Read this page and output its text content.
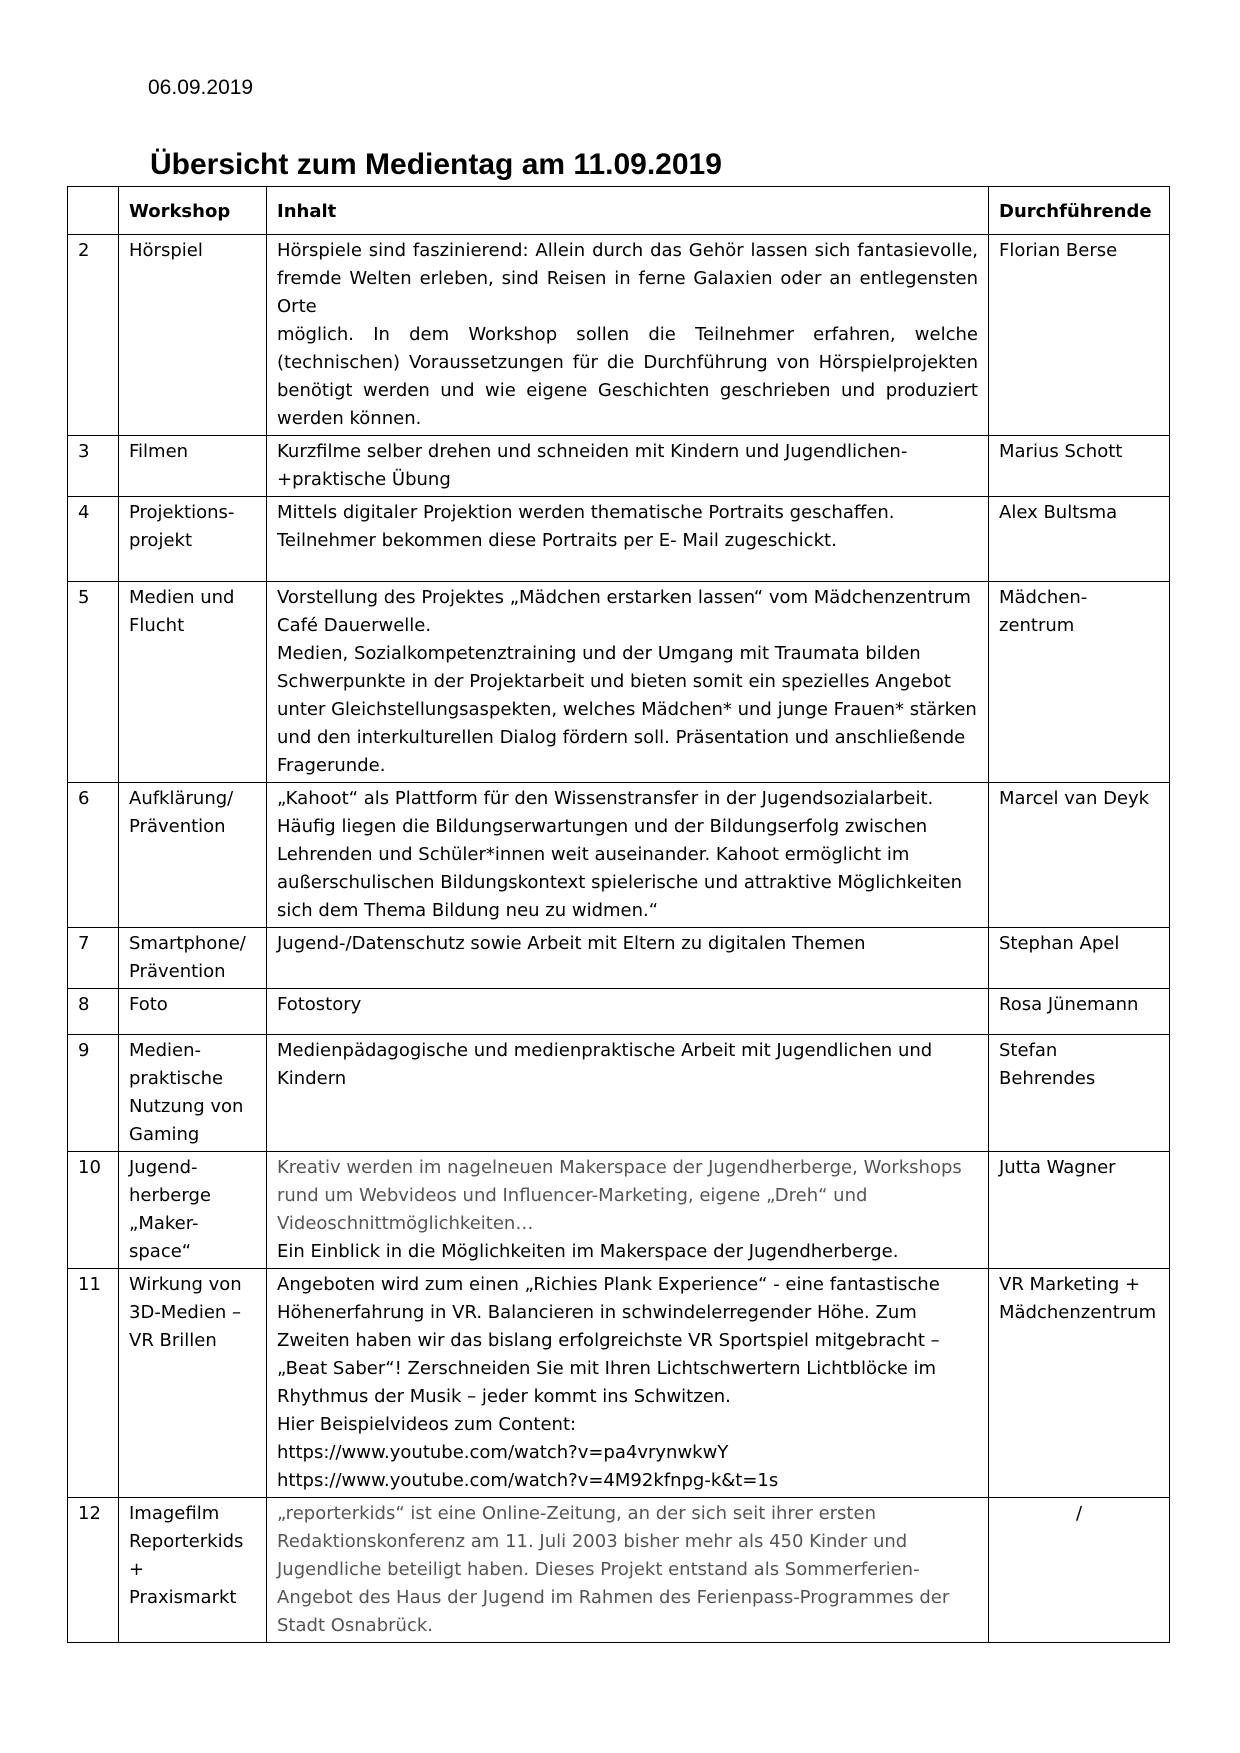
06.09.2019
Übersicht zum Medientag am 11.09.2019
	Workshop	Inhalt	Durchführende
2	Hörspiel	Hörspiele sind faszinierend: Allein durch das Gehör lassen sich fantasievolle, fremde Welten erleben, sind Reisen in ferne Galaxien oder an entlegensten Orte
möglich. In dem Workshop sollen die Teilnehmer erfahren, welche (technischen) Voraussetzungen für die Durchführung von Hörspielprojekten benötigt werden und wie eigene Geschichten geschrieben und produziert werden können.	Florian Berse
3	Filmen	Kurzfilme selber drehen und schneiden mit Kindern und Jugendlichen- +praktische Übung	Marius Schott
4	Projektions-projekt	Mittels digitaler Projektion werden thematische Portraits geschaffen.
Teilnehmer bekommen diese Portraits per E- Mail zugeschickt.	Alex Bultsma
5	Medien und Flucht	Vorstellung des Projektes „Mädchen erstarken lassen“ vom Mädchenzentrum Café Dauerwelle.
Medien, Sozialkompetenztraining und der Umgang mit Traumata bilden Schwerpunkte in der Projektarbeit und bieten somit ein spezielles Angebot unter Gleichstellungsaspekten, welches Mädchen* und junge Frauen* stärken und den interkulturellen Dialog fördern soll. Präsentation und anschließende Fragerunde.	Mädchen-zentrum
6	Aufklärung/ Prävention	„Kahoot“ als Plattform für den Wissenstransfer in der Jugendsozialarbeit. Häufig liegen die Bildungserwartungen und der Bildungserfolg zwischen Lehrenden und Schüler*innen weit auseinander. Kahoot ermöglicht im außerschulischen Bildungskontext spielerische und attraktive Möglichkeiten sich dem Thema Bildung neu zu widmen.“	Marcel van Deyk
7	Smartphone/ Prävention	Jugend-/Datenschutz sowie Arbeit mit Eltern zu digitalen Themen	Stephan Apel
8	Foto	Fotostory	Rosa Jünemann
9	Medien-praktische Nutzung von Gaming	Medienpädagogische und medienpraktische Arbeit mit Jugendlichen und Kindern	Stefan Behrendes
10	Jugend-herberge „Maker-space“	Kreativ werden im nagelneuen Makerspace der Jugendherberge, Workshops rund um Webvideos und Influencer-Marketing, eigene „Dreh“ und Videoschnittmöglichkeiten…
Ein Einblick in die Möglichkeiten im Makerspace der Jugendherberge.	Jutta Wagner
11	Wirkung von 3D-Medien – VR Brillen	Angeboten wird zum einen „Richies Plank Experience“ - eine fantastische Höhenerfahrung in VR. Balancieren in schwindelerregender Höhe. Zum Zweiten haben wir das bislang erfolgreichste VR Sportspiel mitgebracht – „Beat Saber“! Zerschneiden Sie mit Ihren Lichtschwertern Lichtblöcke im Rhythmus der Musik – jeder kommt ins Schwitzen.
Hier Beispielvideos zum Content:
https://www.youtube.com/watch?v=pa4vrynwkwY
https://www.youtube.com/watch?v=4M92kfnpg-k&t=1s	VR Marketing + Mädchenzentrum
12	Imagefilm Reporterkids + Praxismarkt	„reporterkids“ ist eine Online-Zeitung, an der sich seit ihrer ersten Redaktionskonferenz am 11. Juli 2003 bisher mehr als 450 Kinder und Jugendliche beteiligt haben. Dieses Projekt entstand als Sommerferien-Angebot des Haus der Jugend im Rahmen des Ferienpass-Programmes der Stadt Osnabrück.	/
